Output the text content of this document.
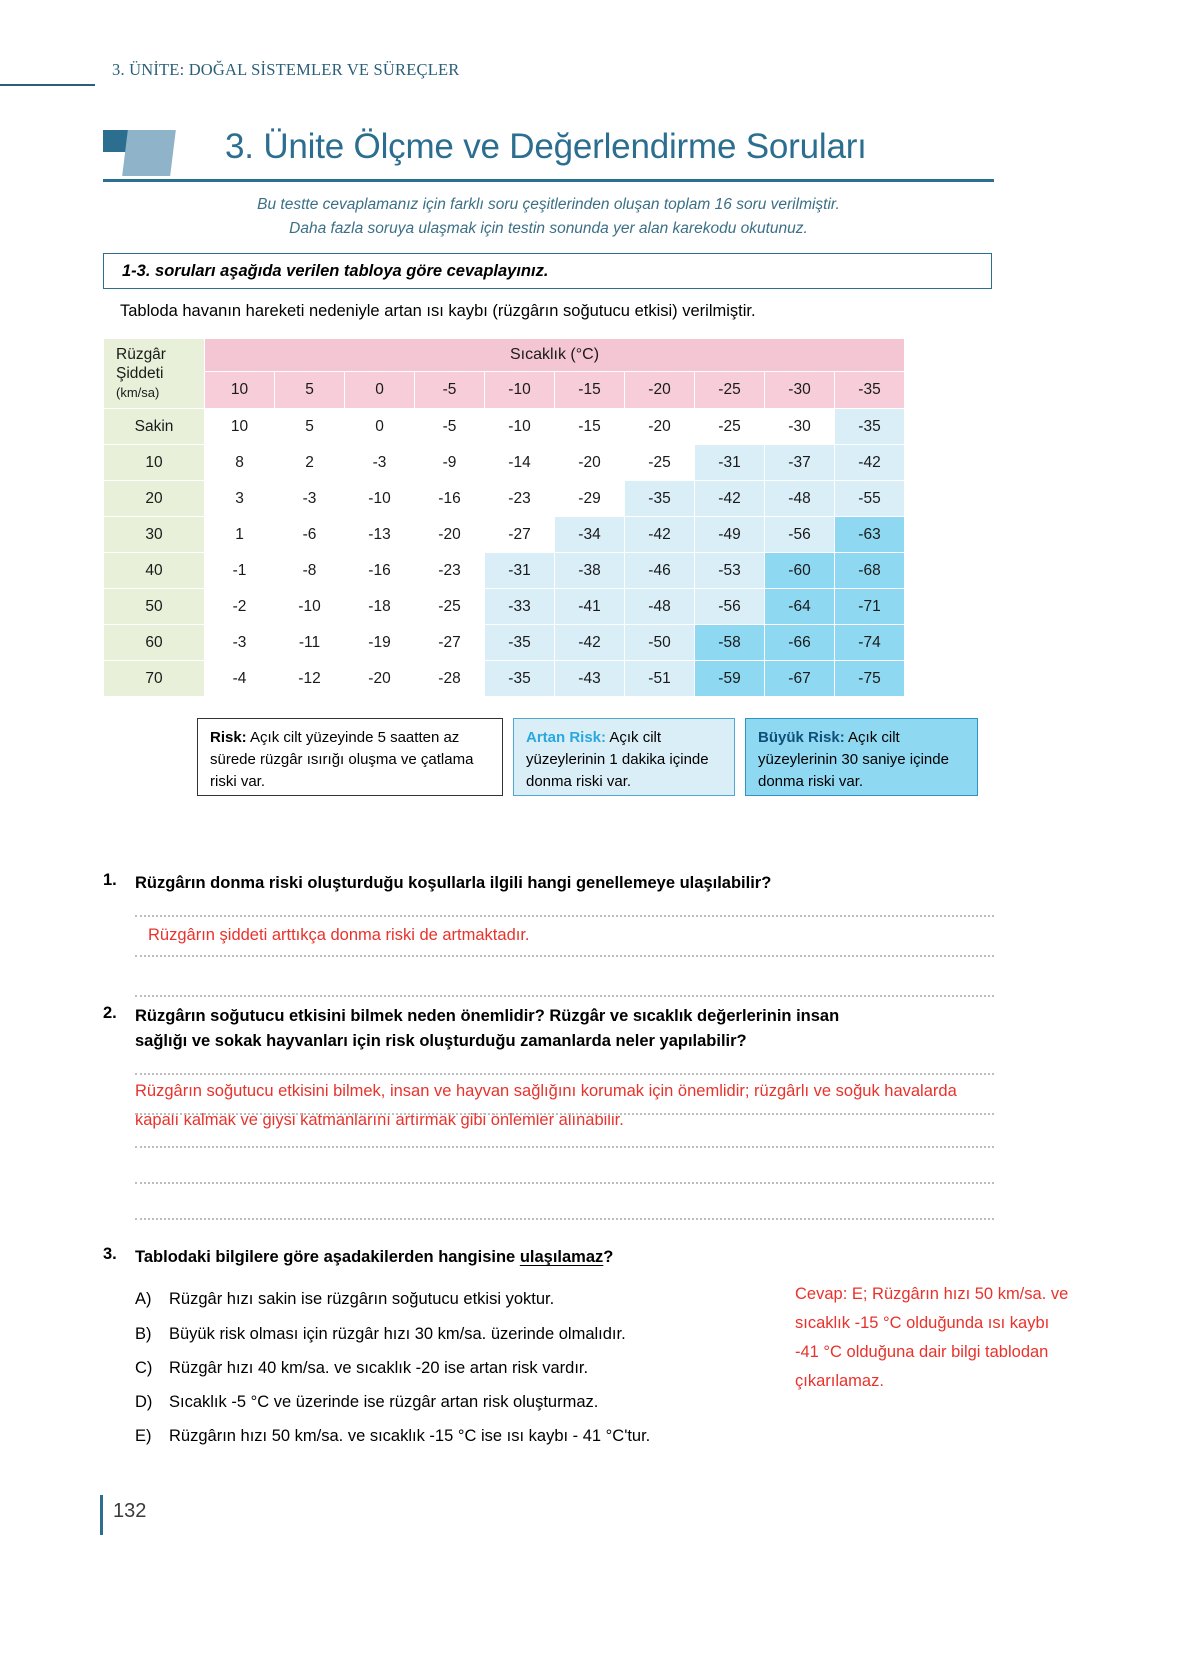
3. ÜNİTE: DOĞAL SİSTEMLER VE SÜREÇLER
3. Ünite Ölçme ve Değerlendirme Soruları
Bu testte cevaplamanız için farklı soru çeşitlerinden oluşan toplam 16 soru verilmiştir.
Daha fazla soruya ulaşmak için testin sonunda yer alan karekodu okutunuz.
1-3. soruları aşağıda verilen tabloya göre cevaplayınız.
Tabloda havanın hareketi nedeniyle artan ısı kaybı (rüzgârın soğutucu etkisi) verilmiştir.
Rüzgâr
Şiddeti
(km/sa)	Sıcaklık (°C)									
	10	5	0	-5	-10	-15	-20	-25	-30	-35
Sakin	10	5	0	-5	-10	-15	-20	-25	-30	-35
10	8	2	-3	-9	-14	-20	-25	-31	-37	-42
20	3	-3	-10	-16	-23	-29	-35	-42	-48	-55
30	1	-6	-13	-20	-27	-34	-42	-49	-56	-63
40	-1	-8	-16	-23	-31	-38	-46	-53	-60	-68
50	-2	-10	-18	-25	-33	-41	-48	-56	-64	-71
60	-3	-11	-19	-27	-35	-42	-50	-58	-66	-74
70	-4	-12	-20	-28	-35	-43	-51	-59	-67	-75
Risk: Açık cilt yüzeyinde 5 saatten az sürede rüzgâr ısırığı oluşma ve çatlama riski var.
Artan Risk: Açık cilt yüzeylerinin 1 dakika içinde donma riski var.
Büyük Risk: Açık cilt yüzeylerinin 30 saniye içinde donma riski var.
1. Rüzgârın donma riski oluşturduğu koşullarla ilgili hangi genellemeye ulaşılabilir?
Rüzgârın şiddeti arttıkça donma riski de artmaktadır.
2. Rüzgârın soğutucu etkisini bilmek neden önemlidir? Rüzgâr ve sıcaklık değerlerinin insan
sağlığı ve sokak hayvanları için risk oluşturduğu zamanlarda neler yapılabilir?
Rüzgârın soğutucu etkisini bilmek, insan ve hayvan sağlığını korumak için önemlidir; rüzgârlı ve soğuk havalarda
kapalı kalmak ve giysi katmanlarını artırmak gibi önlemler alınabilir.
3. Tablodaki bilgilere göre aşadakilerden hangisine ulaşılamaz?
A) Rüzgâr hızı sakin ise rüzgârın soğutucu etkisi yoktur.
B) Büyük risk olması için rüzgâr hızı 30 km/sa. üzerinde olmalıdır.
C) Rüzgâr hızı 40 km/sa. ve sıcaklık -20 ise artan risk vardır.
D) Sıcaklık -5 °C ve üzerinde ise rüzgâr artan risk oluşturmaz.
E) Rüzgârın hızı 50 km/sa. ve sıcaklık -15 °C ise ısı kaybı - 41 °C'tur.
Cevap: E; Rüzgârın hızı 50 km/sa. ve
sıcaklık -15 °C olduğunda ısı kaybı
-41 °C olduğuna dair bilgi tablodan
çıkarılamaz.
132
